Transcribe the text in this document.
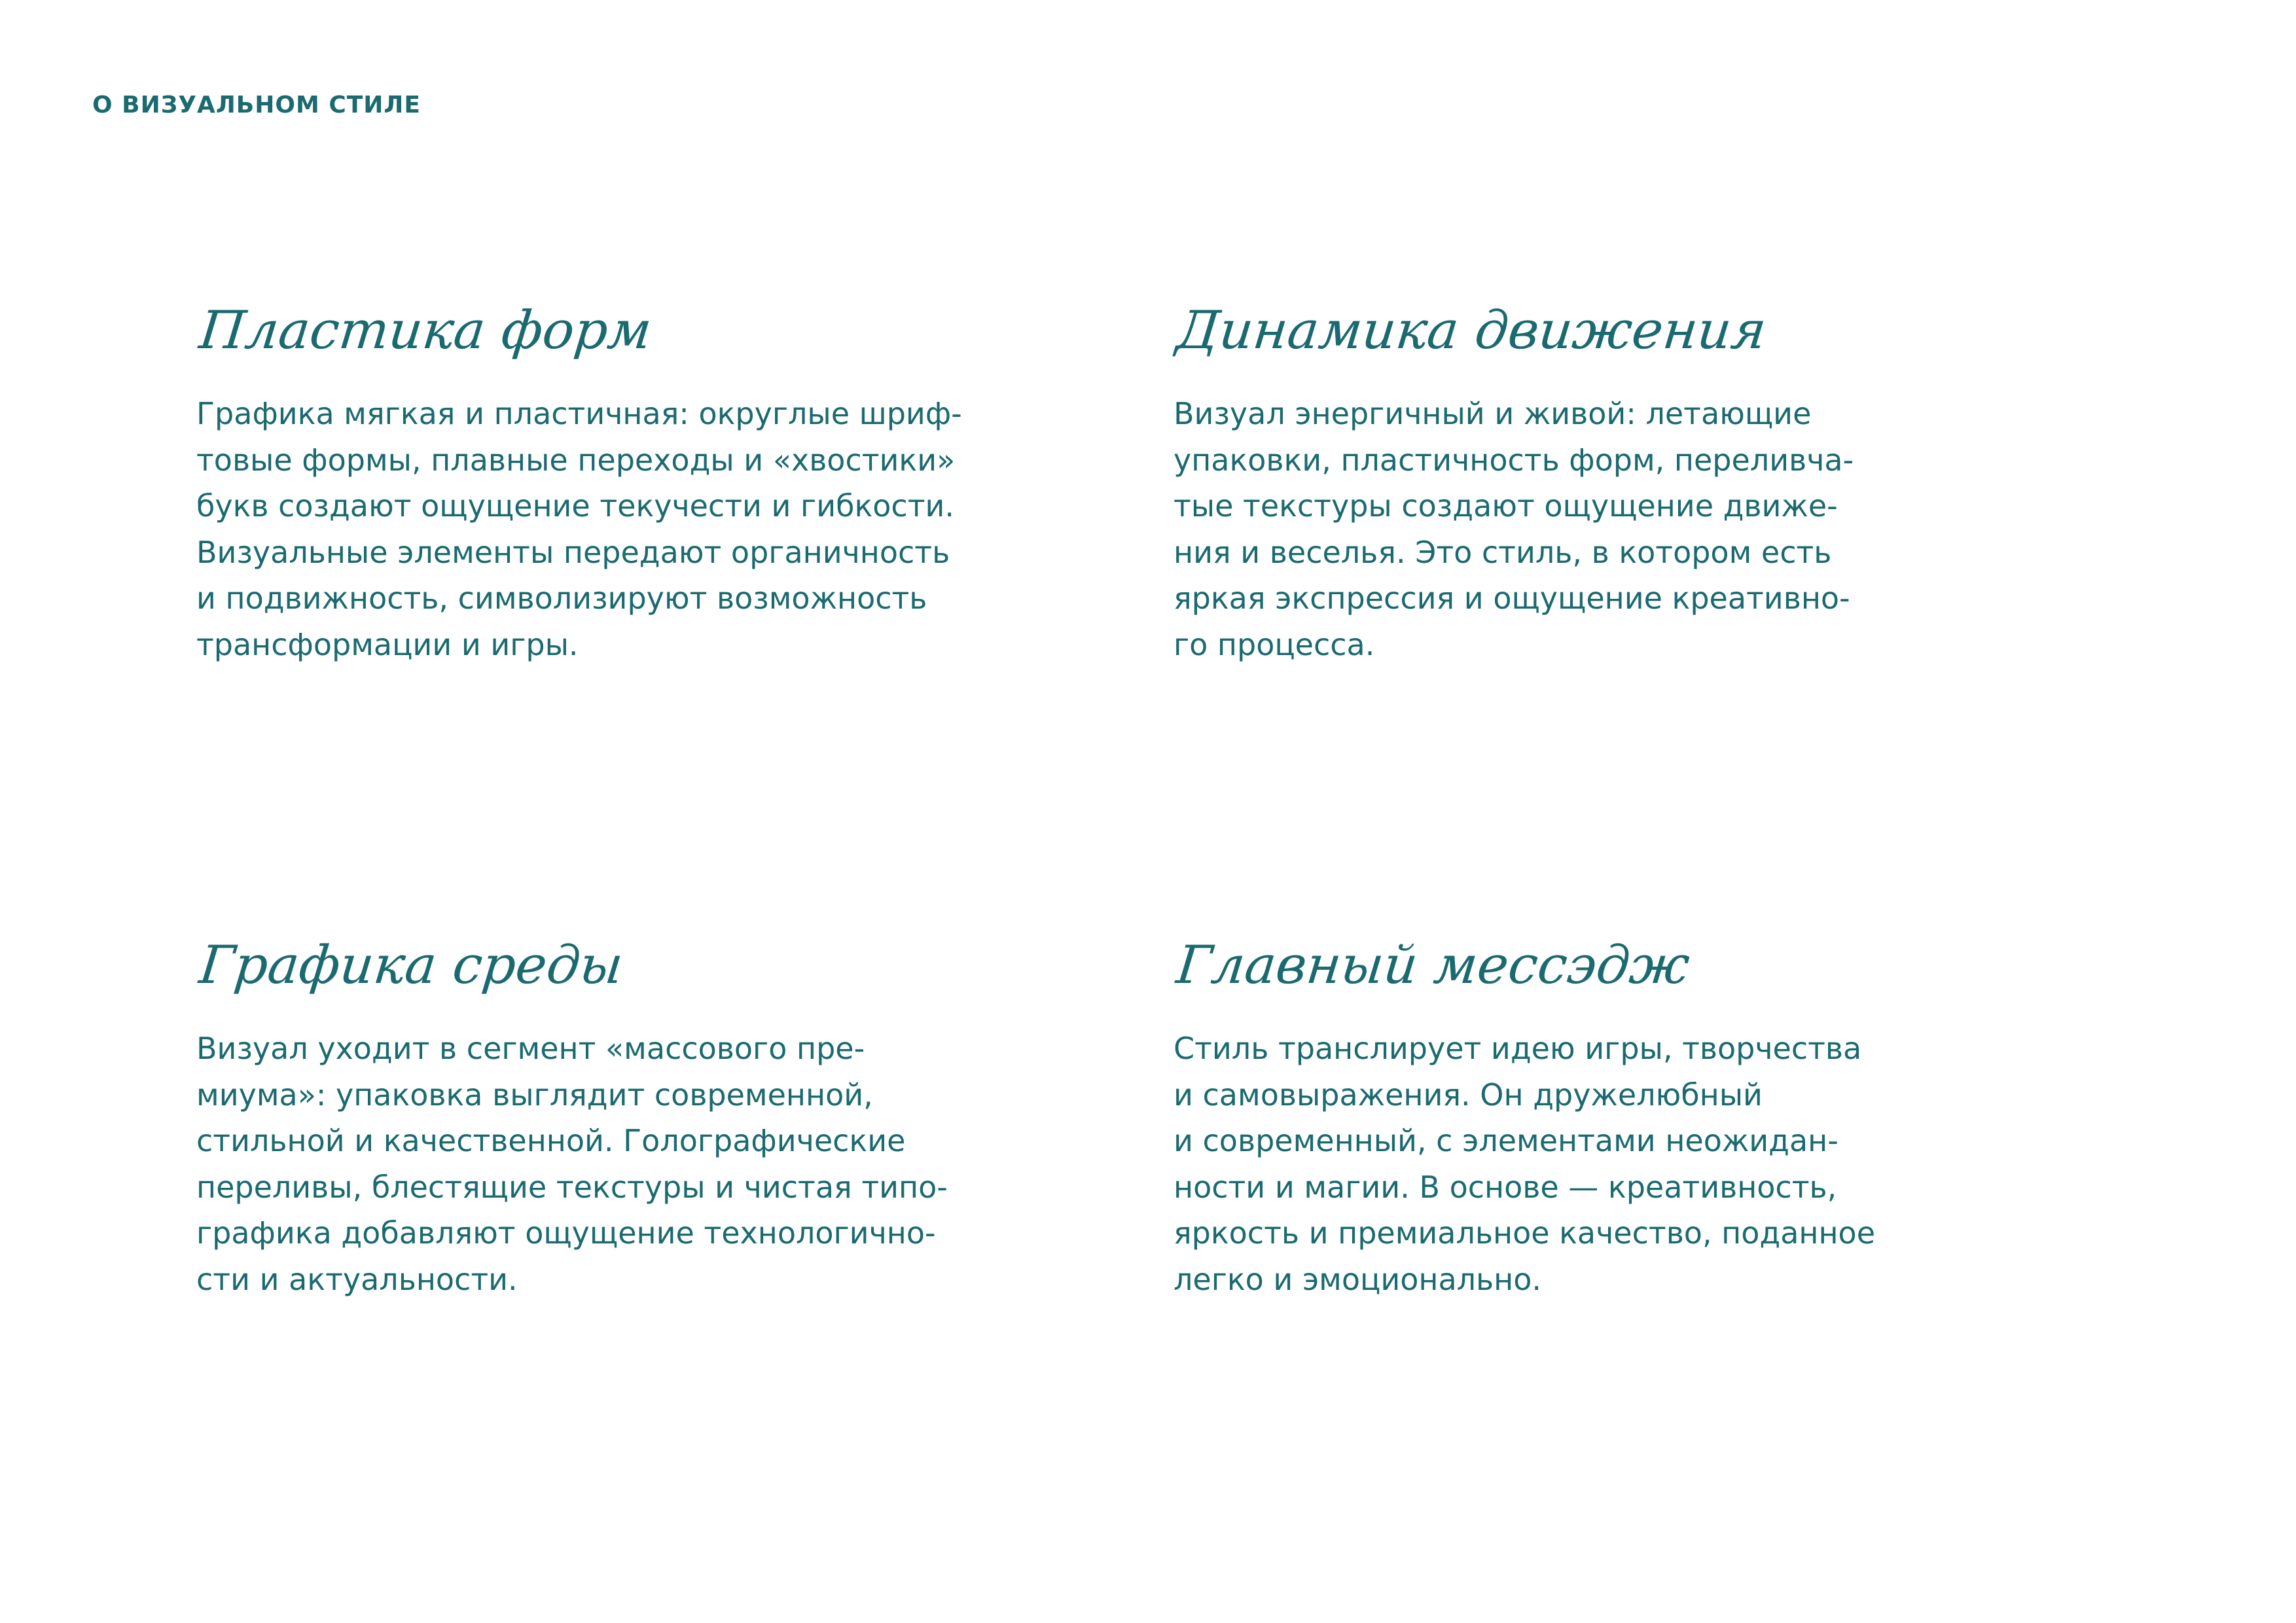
О ВИЗУАЛЬНОМ СТИЛЕ
Пластика форм
Графика мягкая и пластичная: округлые шриф-
товые формы, плавные переходы и «хвостики»
букв создают ощущение текучести и гибкости.
Визуальные элементы передают органичность
и подвижность, символизируют возможность
трансформации и игры.
Динамика движения
Визуал энергичный и живой: летающие
упаковки, пластичность форм, переливча-
тые текстуры создают ощущение движе-
ния и веселья. Это стиль, в котором есть
яркая экспрессия и ощущение креативно-
го процесса.
Графика среды
Визуал уходит в сегмент «массового пре-
миума»: упаковка выглядит современной,
стильной и качественной. Голографические
переливы, блестящие текстуры и чистая типо-
графика добавляют ощущение технологично-
сти и актуальности.
Главный мессэдж
Стиль транслирует идею игры, творчества
и самовыражения. Он дружелюбный
и современный, с элементами неожидан-
ности и магии. В основе — креативность,
яркость и премиальное качество, поданное
легко и эмоционально.
